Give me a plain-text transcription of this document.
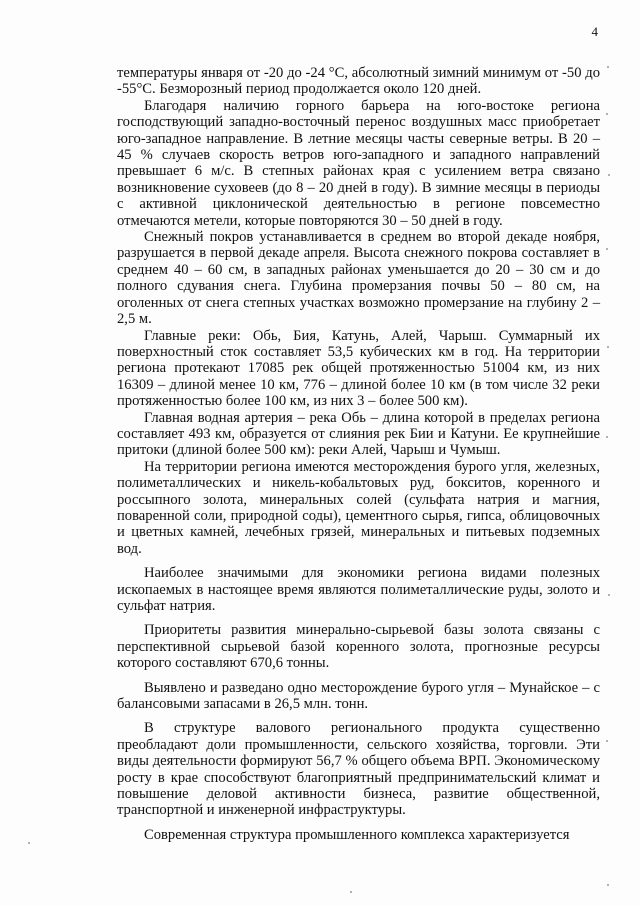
4

температуры января от -20 до -24 °С, абсолютный зимний минимум от -50 до -55°С. Безморозный период продолжается около 120 дней.

Благодаря наличию горного барьера на юго-востоке региона господствующий западно-восточный перенос воздушных масс приобретает юго-западное направление. В летние месяцы часты северные ветры. В 20 – 45 % случаев скорость ветров юго-западного и западного направлений превышает 6 м/с. В степных районах края с усилением ветра связано возникновение суховеев (до 8 – 20 дней в году). В зимние месяцы в периоды с активной циклонической деятельностью в регионе повсеместно отмечаются метели, которые повторяются 30 – 50 дней в году.

Снежный покров устанавливается в среднем во второй декаде ноября, разрушается в первой декаде апреля. Высота снежного покрова составляет в среднем 40 – 60 см, в западных районах уменьшается до 20 – 30 см и до полного сдувания снега. Глубина промерзания почвы 50 – 80 см, на оголенных от снега степных участках возможно промерзание на глубину 2 – 2,5 м.

Главные реки: Обь, Бия, Катунь, Алей, Чарыш. Суммарный их поверхностный сток составляет 53,5 кубических км в год. На территории региона протекают 17085 рек общей протяженностью 51004 км, из них 16309 – длиной менее 10 км, 776 – длиной более 10 км (в том числе 32 реки протяженностью более 100 км, из них 3 – более 500 км).

Главная водная артерия – река Обь – длина которой в пределах региона составляет 493 км, образуется от слияния рек Бии и Катуни. Ее крупнейшие притоки (длиной более 500 км): реки Алей, Чарыш и Чумыш.

На территории региона имеются месторождения бурого угля, железных, полиметаллических и никель-кобальтовых руд, бокситов, коренного и россыпного золота, минеральных солей (сульфата натрия и магния, поваренной соли, природной соды), цементного сырья, гипса, облицовочных и цветных камней, лечебных грязей, минеральных и питьевых подземных вод.

Наиболее значимыми для экономики региона видами полезных ископаемых в настоящее время являются полиметаллические руды, золото и сульфат натрия.

Приоритеты развития минерально-сырьевой базы золота связаны с перспективной сырьевой базой коренного золота, прогнозные ресурсы которого составляют 670,6 тонны.

Выявлено и разведано одно месторождение бурого угля – Мунайское – с балансовыми запасами в 26,5 млн. тонн.

В структуре валового регионального продукта существенно преобладают доли промышленности, сельского хозяйства, торговли. Эти виды деятельности формируют 56,7 % общего объема ВРП. Экономическому росту в крае способствуют благоприятный предпринимательский климат и повышение деловой активности бизнеса, развитие общественной, транспортной и инженерной инфраструктуры.

Современная структура промышленного комплекса характеризуется
